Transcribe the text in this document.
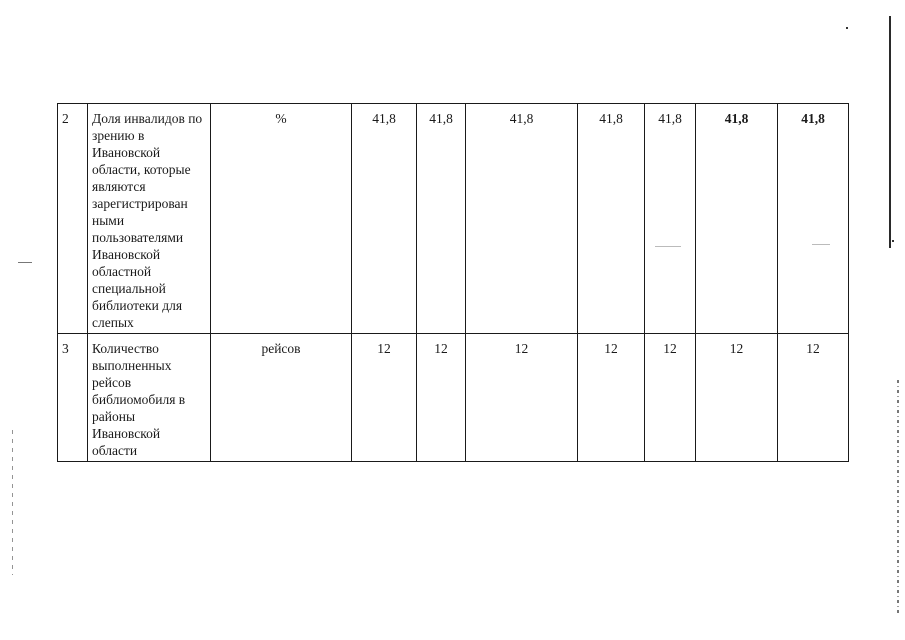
2	Доля инвалидов по зрению в Ивановской области, которые являются зарегистрирован ными пользователями Ивановской областной специальной библиотеки для слепых	%	41,8	41,8	41,8	41,8	41,8	41,8	41,8
3	Количество выполненных рейсов библиомобиля в районы Ивановской области	рейсов	12	12	12	12	12	12	12
